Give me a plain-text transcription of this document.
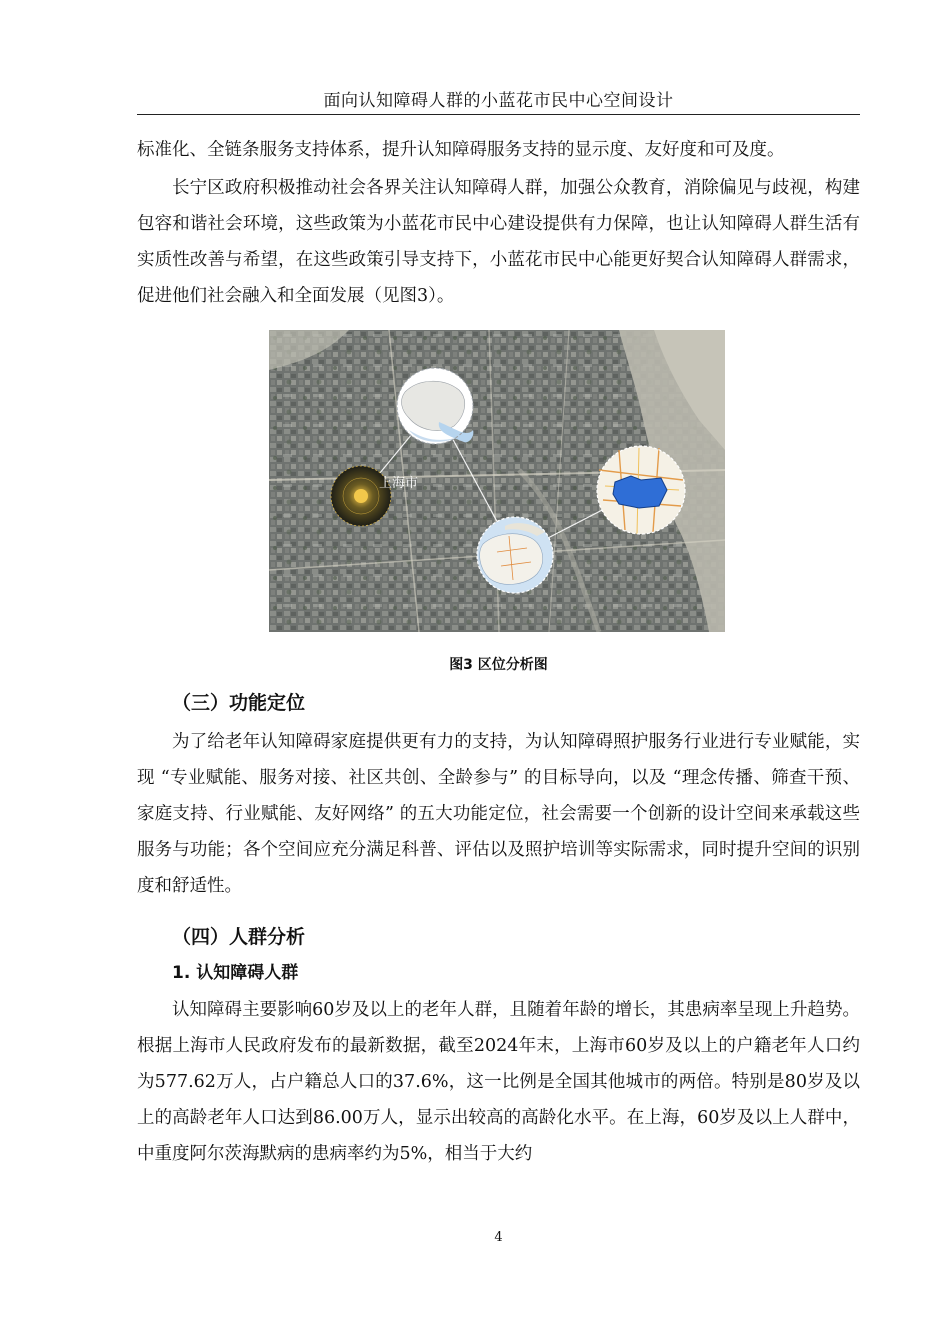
面向认知障碍人群的小蓝花市民中心空间设计
标准化、全链条服务支持体系，提升认知障碍服务支持的显示度、友好度和可及度。
长宁区政府积极推动社会各界关注认知障碍人群，加强公众教育，消除偏见与歧视，构建包容和谐社会环境，这些政策为小蓝花市民中心建设提供有力保障，也让认知障碍人群生活有实质性改善与希望，在这些政策引导支持下，小蓝花市民中心能更好契合认知障碍人群需求，促进他们社会融入和全面发展（见图3）。
上海市
图3 区位分析图
（三）功能定位
为了给老年认知障碍家庭提供更有力的支持，为认知障碍照护服务行业进行专业赋能，实现 “专业赋能、服务对接、社区共创、全龄参与” 的目标导向，以及 “理念传播、筛查干预、家庭支持、行业赋能、友好网络” 的五大功能定位，社会需要一个创新的设计空间来承载这些服务与功能；各个空间应充分满足科普、评估以及照护培训等实际需求，同时提升空间的识别度和舒适性。
（四）人群分析
1. 认知障碍人群
认知障碍主要影响60岁及以上的老年人群，且随着年龄的增长，其患病率呈现上升趋势。根据上海市人民政府发布的最新数据，截至2024年末，上海市60岁及以上的户籍老年人口约为577.62万人，占户籍总人口的37.6%，这一比例是全国其他城市的两倍。特别是80岁及以上的高龄老年人口达到86.00万人，显示出较高的高龄化水平。在上海，60岁及以上人群中，中重度阿尔茨海默病的患病率约为5%，相当于大约
4
